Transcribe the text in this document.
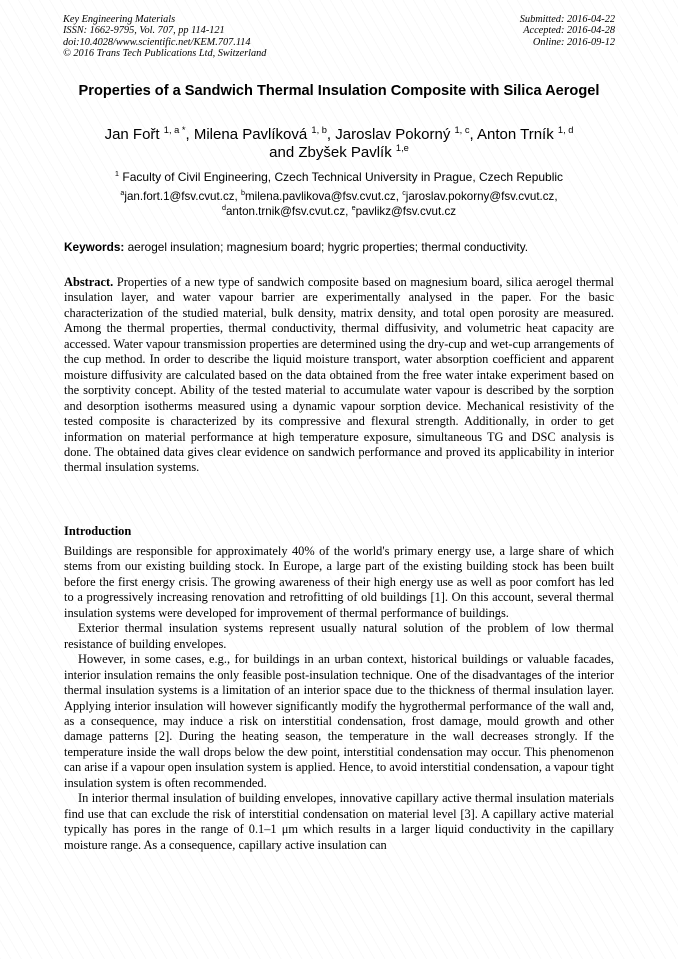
Key Engineering Materials
ISSN: 1662-9795, Vol. 707, pp 114-121
doi:10.4028/www.scientific.net/KEM.707.114
© 2016 Trans Tech Publications Ltd, Switzerland
Submitted: 2016-04-22
Accepted: 2016-04-28
Online: 2016-09-12
Properties of a Sandwich Thermal Insulation Composite with Silica Aerogel
Jan Fořt $^{1, a *}$, Milena Pavlíková $^{1, b}$, Jaroslav Pokorný $^{1, c}$, Anton Trník $^{1, d}$
and Zbyšek Pavlík $^{1,e}$
$^1$ Faculty of Civil Engineering, Czech Technical University in Prague, Czech Republic
$^a$jan.fort.1@fsv.cvut.cz, $^b$milena.pavlikova@fsv.cvut.cz, $^c$jaroslav.pokorny@fsv.cvut.cz,
$^d$anton.trnik@fsv.cvut.cz, $^e$pavlikz@fsv.cvut.cz
Keywords: aerogel insulation; magnesium board; hygric properties; thermal conductivity.
Abstract. Properties of a new type of sandwich composite based on magnesium board, silica aerogel thermal insulation layer, and water vapour barrier are experimentally analysed in the paper. For the basic characterization of the studied material, bulk density, matrix density, and total open porosity are measured. Among the thermal properties, thermal conductivity, thermal diffusivity, and volumetric heat capacity are accessed. Water vapour transmission properties are determined using the dry-cup and wet-cup arrangements of the cup method. In order to describe the liquid moisture transport, water absorption coefficient and apparent moisture diffusivity are calculated based on the data obtained from the free water intake experiment based on the sorptivity concept. Ability of the tested material to accumulate water vapour is described by the sorption and desorption isotherms measured using a dynamic vapour sorption device. Mechanical resistivity of the tested composite is characterized by its compressive and flexural strength. Additionally, in order to get information on material performance at high temperature exposure, simultaneous TG and DSC analysis is done. The obtained data gives clear evidence on sandwich performance and proved its applicability in interior thermal insulation systems.
Introduction

Buildings are responsible for approximately 40% of the world's primary energy use, a large share of which stems from our existing building stock. In Europe, a large part of the existing building stock has been built before the first energy crisis. The growing awareness of their high energy use as well as poor comfort has led to a progressively increasing renovation and retrofitting of old buildings [1]. On this account, several thermal insulation systems were developed for improvement of thermal performance of buildings.

Exterior thermal insulation systems represent usually natural solution of the problem of low thermal resistance of building envelopes.

However, in some cases, e.g., for buildings in an urban context, historical buildings or valuable facades, interior insulation remains the only feasible post-insulation technique. One of the disadvantages of the interior thermal insulation systems is a limitation of an interior space due to the thickness of thermal insulation layer. Applying interior insulation will however significantly modify the hygrothermal performance of the wall and, as a consequence, may induce a risk on interstitial condensation, frost damage, mould growth and other damage patterns [2]. During the heating season, the temperature in the wall decreases strongly. If the temperature inside the wall drops below the dew point, interstitial condensation may occur. This phenomenon can arise if a vapour open insulation system is applied. Hence, to avoid interstitial condensation, a vapour tight insulation system is often recommended.

In interior thermal insulation of building envelopes, innovative capillary active thermal insulation materials find use that can exclude the risk of interstitial condensation on material level [3]. A capillary active material typically has pores in the range of 0.1–1 μm which results in a larger liquid conductivity in the capillary moisture range. As a consequence, capillary active insulation can
